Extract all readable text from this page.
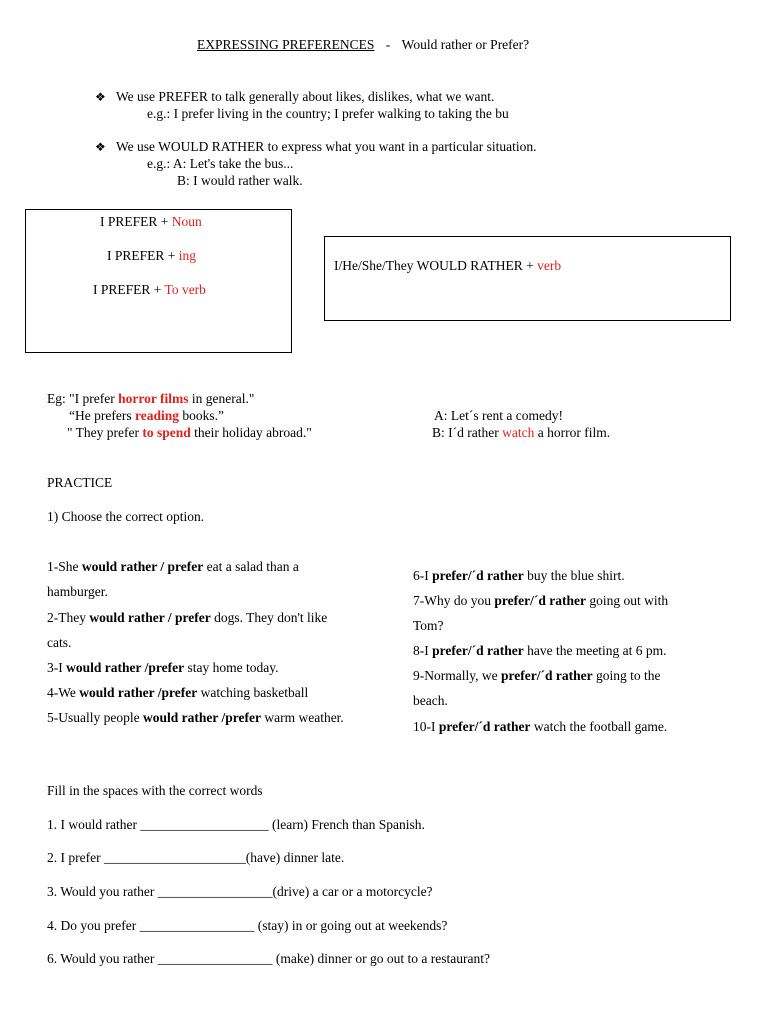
EXPRESSING PREFERENCES - Would rather or Prefer?
❖ We use PREFER to talk generally about likes, dislikes, what we want.
e.g.: I prefer living in the country; I prefer walking to taking the bu
❖ We use WOULD RATHER to express what you want in a particular situation.
e.g.: A: Let's take the bus...
B: I would rather walk.
I PREFER + Noun
I PREFER + ing
I PREFER + To verb
I/He/She/They WOULD RATHER + verb
Eg: "I prefer horror films in general."
“He prefers reading books.”
" They prefer to spend their holiday abroad."
A: Let´s rent a comedy!
B: I´d rather watch a horror film.
PRACTICE
1) Choose the correct option.
1-She would rather / prefer eat a salad than a
hamburger.
2-They would rather / prefer dogs. They don't like
cats.
3-I would rather /prefer stay home today.
4-We would rather /prefer watching basketball
5-Usually people would rather /prefer warm weather.
6-I prefer/´d rather buy the blue shirt.
7-Why do you prefer/´d rather going out with
Tom?
8-I prefer/´d rather have the meeting at 6 pm.
9-Normally, we prefer/´d rather going to the
beach.
10-I prefer/´d rather watch the football game.
Fill in the spaces with the correct words
1. I would rather ___________________ (learn) French than Spanish.
2. I prefer _____________________(have) dinner late.
3. Would you rather _________________(drive) a car or a motorcycle?
4. Do you prefer _________________ (stay) in or going out at weekends?
6. Would you rather _________________ (make) dinner or go out to a restaurant?
